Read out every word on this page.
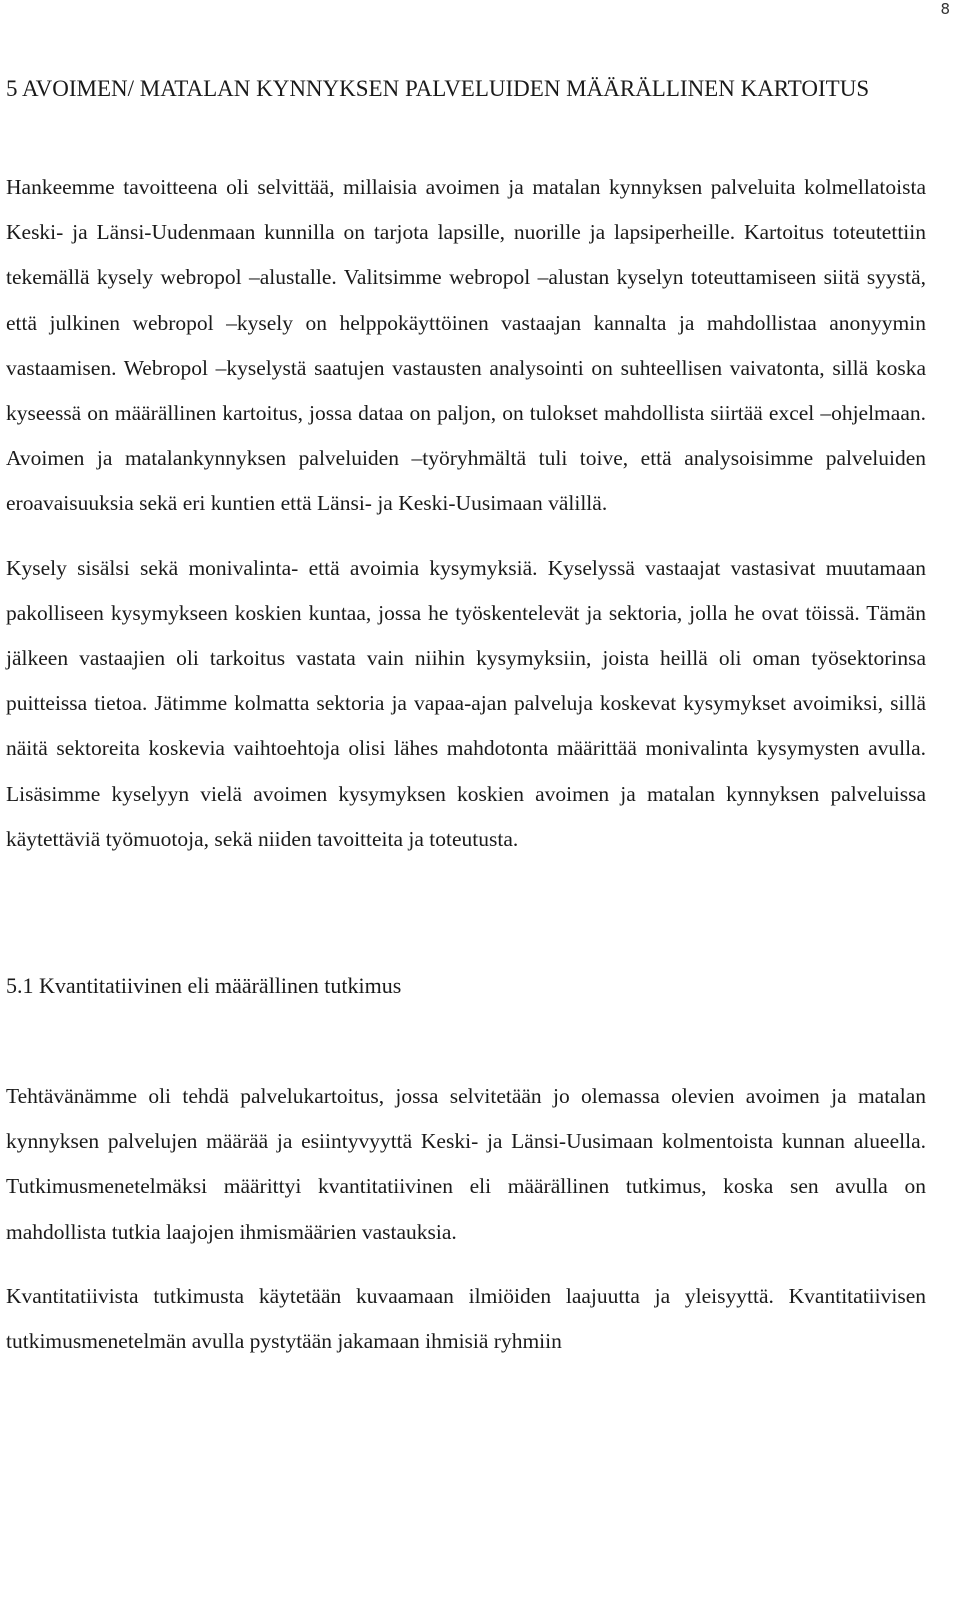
8
5 AVOIMEN/ MATALAN KYNNYKSEN PALVELUIDEN MÄÄRÄLLINEN KARTOITUS

Hankeemme tavoitteena oli selvittää, millaisia avoimen ja matalan kynnyksen palveluita kolmellatoista Keski- ja Länsi-Uudenmaan kunnilla on tarjota lapsille, nuorille ja lapsiperheille. Kartoitus toteutettiin tekemällä kysely webropol –alustalle. Valitsimme webropol –alustan kyselyn toteuttamiseen siitä syystä, että julkinen webropol –kysely on helppokäyttöinen vastaajan kannalta ja mahdollistaa anonyymin vastaamisen. Webropol –kyselystä saatujen vastausten analysointi on suhteellisen vaivatonta, sillä koska kyseessä on määrällinen kartoitus, jossa dataa on paljon, on tulokset mahdollista siirtää excel –ohjelmaan. Avoimen ja matalankynnyksen palveluiden –työryhmältä tuli toive, että analysoisimme palveluiden eroavaisuuksia sekä eri kuntien että Länsi- ja Keski-Uusimaan välillä.

Kysely sisälsi sekä monivalinta- että avoimia kysymyksiä. Kyselyssä vastaajat vastasivat muutamaan pakolliseen kysymykseen koskien kuntaa, jossa he työskentelevät ja sektoria, jolla he ovat töissä. Tämän jälkeen vastaajien oli tarkoitus vastata vain niihin kysymyksiin, joista heillä oli oman työsektorinsa puitteissa tietoa. Jätimme kolmatta sektoria ja vapaa-ajan palveluja koskevat kysymykset avoimiksi, sillä näitä sektoreita koskevia vaihtoehtoja olisi lähes mahdotonta määrittää monivalinta kysymysten avulla. Lisäsimme kyselyyn vielä avoimen kysymyksen koskien avoimen ja matalan kynnyksen palveluissa käytettäviä työmuotoja, sekä niiden tavoitteita ja toteutusta.

5.1 Kvantitatiivinen eli määrällinen tutkimus

Tehtävänämme oli tehdä palvelukartoitus, jossa selvitetään jo olemassa olevien avoimen ja matalan kynnyksen palvelujen määrää ja esiintyvyyttä Keski- ja Länsi-Uusimaan kolmentoista kunnan alueella. Tutkimusmenetelmäksi määrittyi kvantitatiivinen eli määrällinen tutkimus, koska sen avulla on mahdollista tutkia laajojen ihmismäärien vastauksia.

Kvantitatiivista tutkimusta käytetään kuvaamaan ilmiöiden laajuutta ja yleisyyttä. Kvantitatiivisen tutkimusmenetelmän avulla pystytään jakamaan ihmisiä ryhmiin
